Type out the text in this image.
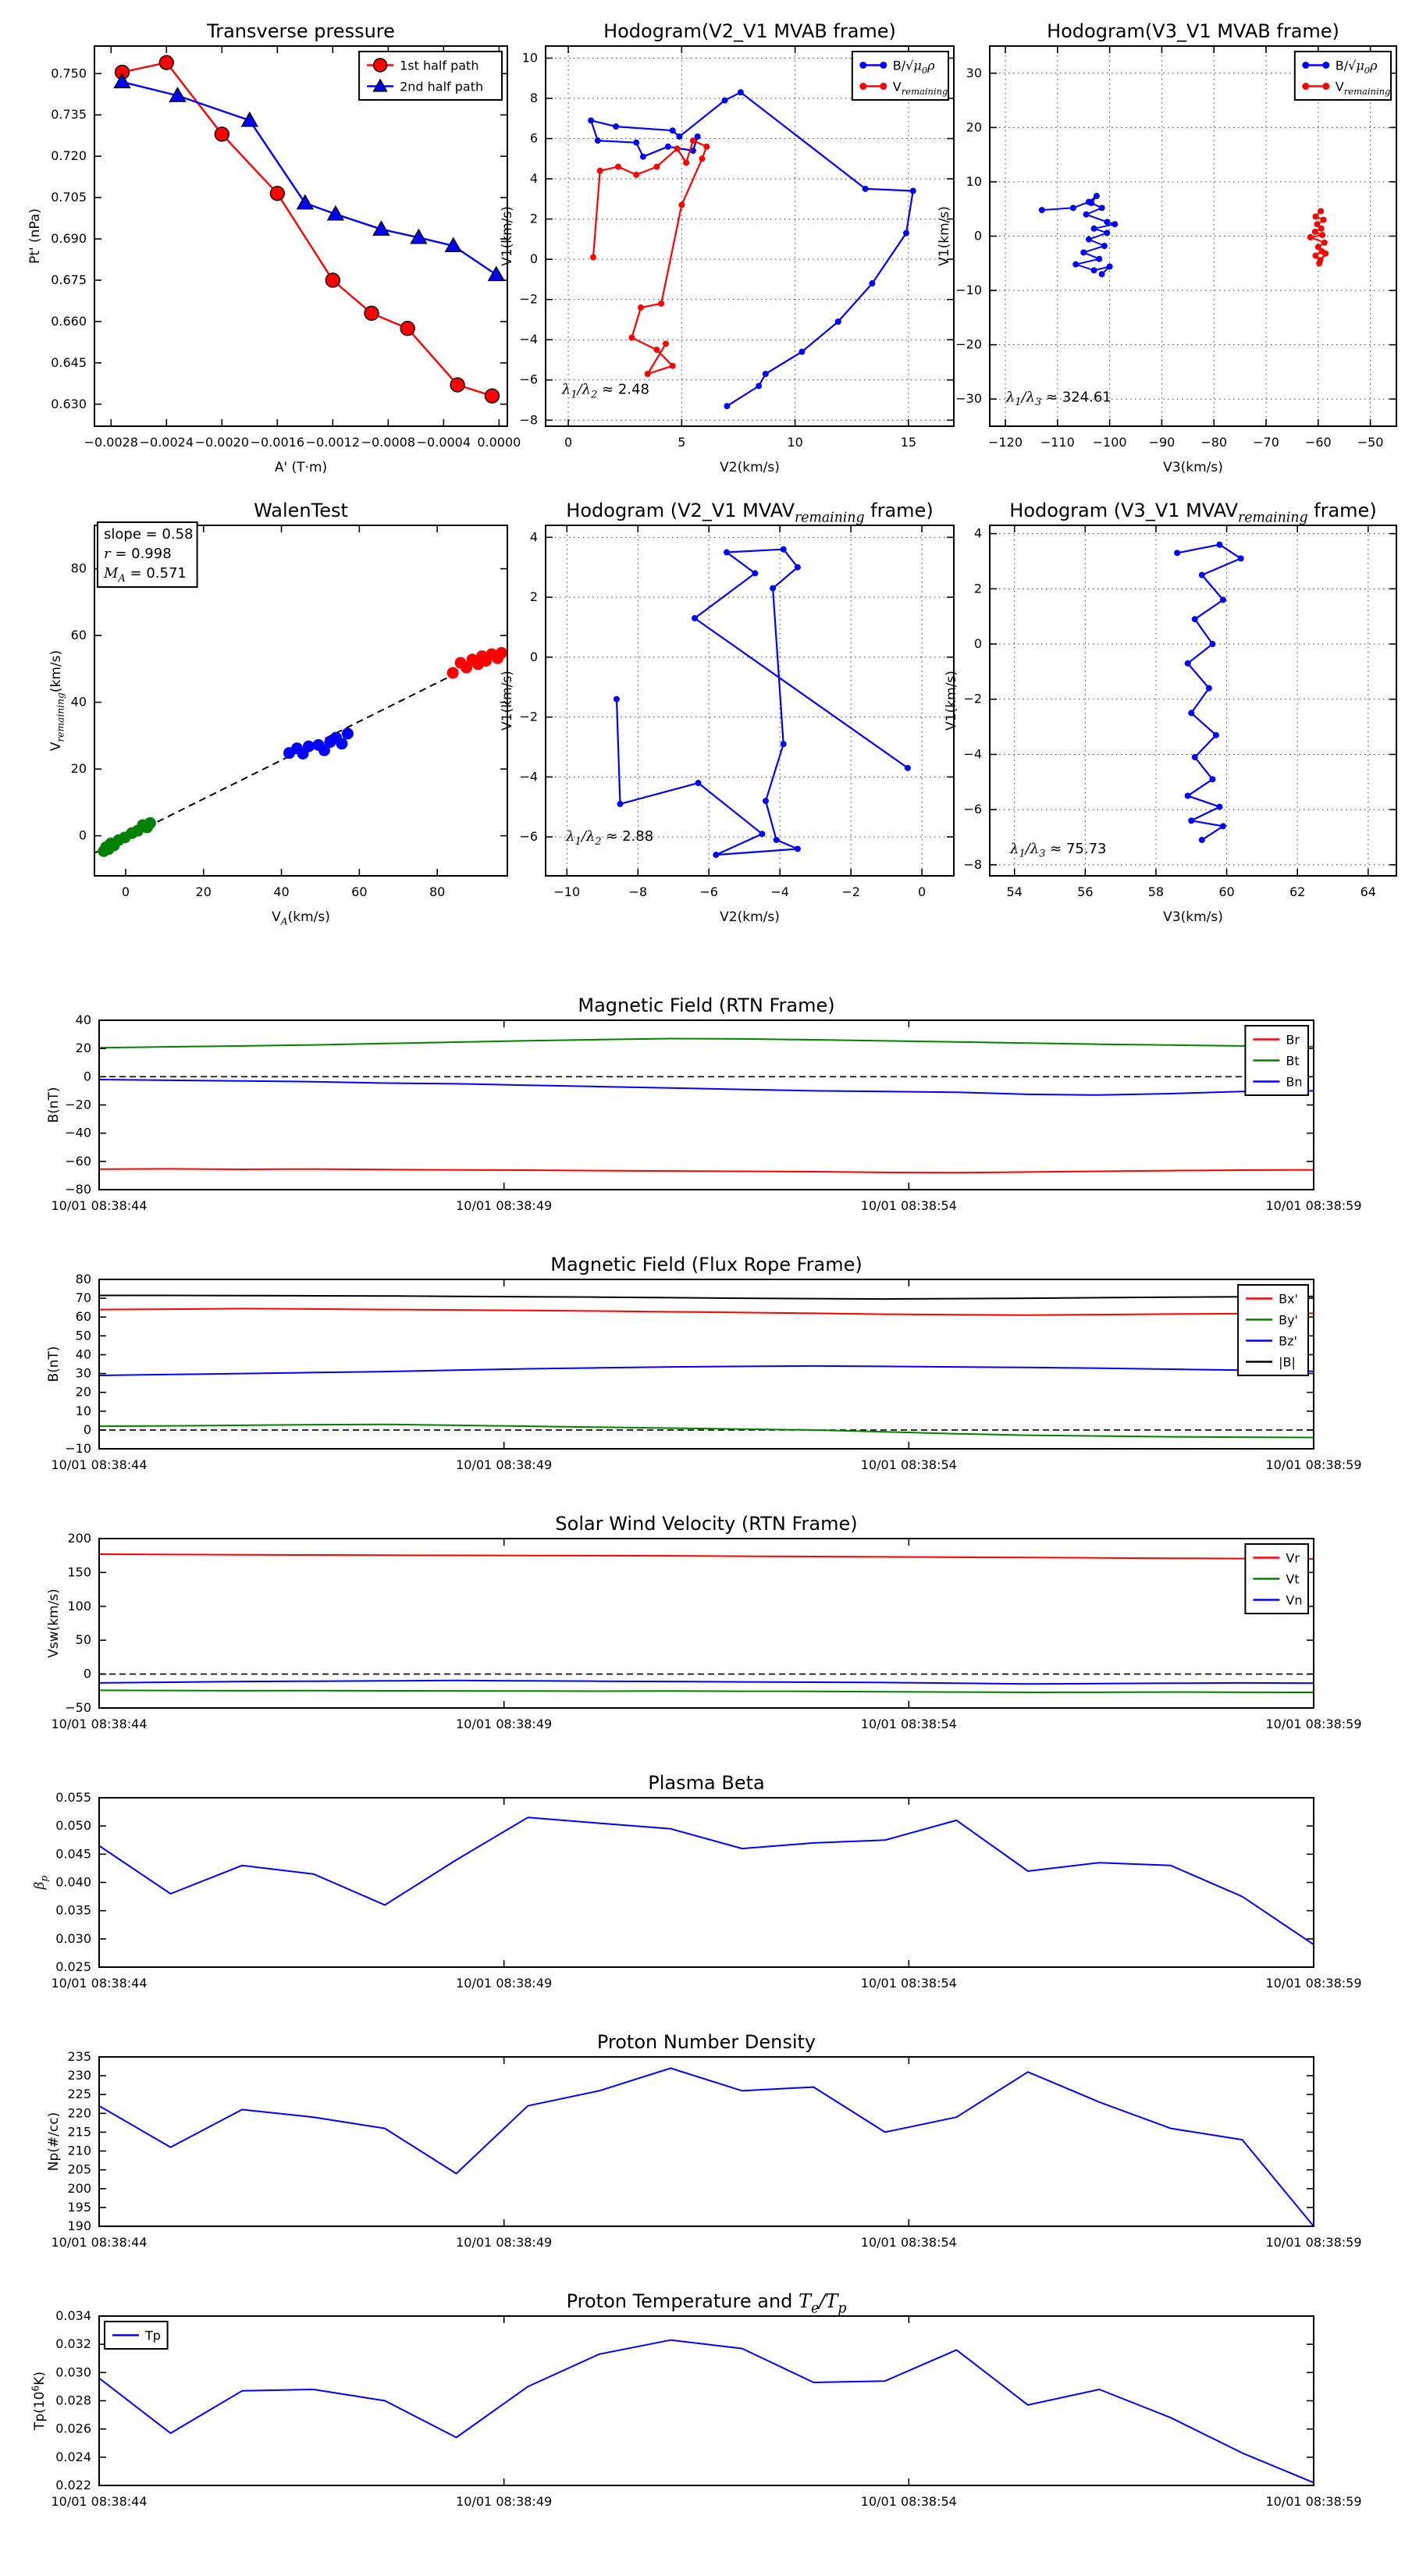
−0.0028 −0.0024 −0.0020 −0.0016 −0.0012 −0.0008 −0.0004 0.0000
0.630
0.645
0.660
0.675
0.690
0.705
0.720
0.735
0.750
Transverse pressure
A' (T·m)
Pt' (nPa)
1st half path
2nd half path
0	5	10	15
−8
−6
−4
−2
0
2
4
6
8
10
Hodogram(V2_V1 MVAB frame)
V2(km/s)
V1(km/s)
$\lambda_1/\lambda_2 \approx 2.48$
$B/√\mu_0\rho$
$V_{remaining}$
−120 −110 −100 −90 −80 −70 −60 −50
−30
−20
−10
0
10
20
30
Hodogram(V3_V1 MVAB frame)
V3(km/s)
V1(km/s)
$\lambda_1/\lambda_3 \approx 324.61$
$B/√\mu_0\rho$
$V_{remaining}$
0	20	40	60	80
0
20
40
60
80
WalenTest
$V_A(km/s)$
$V_{remaining}(km/s)$
slope = 0.58
r = 0.998
$M_A = 0.571$
−10	−8	−6	−4	−2	0
−6
−4
−2
0
2
4
Hodogram (V2_V1 $MVAV_{remaining}$ frame)
V2(km/s)
V1(km/s)
$\lambda_1/\lambda_2 \approx 2.88$
54	56	58	60	62	64
−8
−6
−4
−2
0
2
4
Hodogram (V3_V1 $MVAV_{remaining}$ frame)
V3(km/s)
V1(km/s)
$\lambda_1/\lambda_3 \approx 75.73$
10/01 08:38:44	10/01 08:38:49	10/01 08:38:54	10/01 08:38:59
−80
−60
−40
−20
0
20
40
Magnetic Field (RTN Frame)
B(nT)
Br
Bt
Bn
10/01 08:38:44	10/01 08:38:49	10/01 08:38:54	10/01 08:38:59
−10
0
10
20
30
40
50
60
70
80
Magnetic Field (Flux Rope Frame)
B(nT)
Bx'
By'
Bz'
|B|
10/01 08:38:44	10/01 08:38:49	10/01 08:38:54	10/01 08:38:59
−50
0
50
100
150
200
Solar Wind Velocity (RTN Frame)
Vsw(km/s)
Vr
Vt
Vn
10/01 08:38:44	10/01 08:38:49	10/01 08:38:54	10/01 08:38:59
0.025
0.030
0.035
0.040
0.045
0.050
0.055
Plasma Beta
$\beta_p$
10/01 08:38:44	10/01 08:38:49	10/01 08:38:54	10/01 08:38:59
190
195
200
205
210
215
220
225
230
235
Proton Number Density
Np(#/cc)
10/01 08:38:44	10/01 08:38:49	10/01 08:38:54	10/01 08:38:59
0.022
0.024
0.026
0.028
0.030
0.032
0.034
Proton Temperature and $T_e/T_p$
$Tp(10^6K)$
Tp
